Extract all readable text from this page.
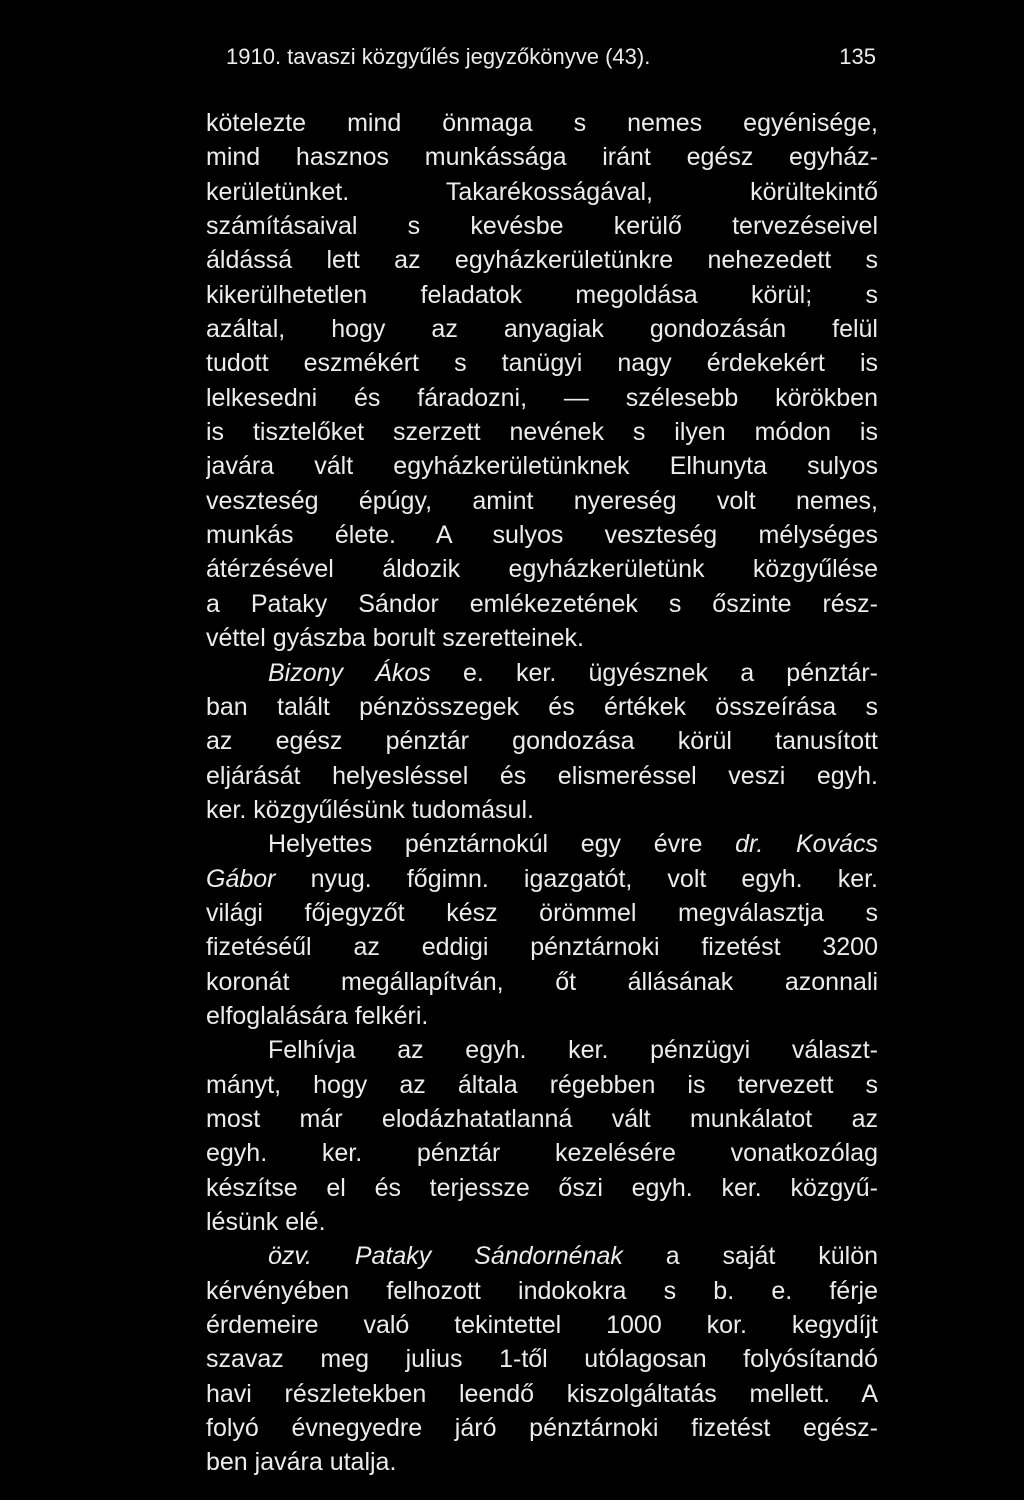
1910. tavaszi közgyűlés jegyzőkönyve (43).	135
kötelezte mind önmaga s nemes egyénisége,
mind hasznos munkássága iránt egész egyház-
kerületünket. Takarékosságával, körültekintő
számításaival s kevésbe kerülő tervezéseivel
áldássá lett az egyházkerületünkre nehezedett s
kikerülhetetlen feladatok megoldása körül; s
azáltal, hogy az anyagiak gondozásán felül
tudott eszmékért s tanügyi nagy érdekekért is
lelkesedni és fáradozni, — szélesebb körökben
is tisztelőket szerzett nevének s ilyen módon is
javára vált egyházkerületünknek Elhunyta sulyos
veszteség épúgy, amint nyereség volt nemes,
munkás élete. A sulyos veszteség mélységes
átérzésével áldozik egyházkerületünk közgyűlése
a Pataky Sándor emlékezetének s őszinte rész-
véttel gyászba borult szeretteinek.
Bizony Ákos e. ker. ügyésznek a pénztár-
ban talált pénzösszegek és értékek összeírása s
az egész pénztár gondozása körül tanusított
eljárását helyesléssel és elismeréssel veszi egyh.
ker. közgyűlésünk tudomásul.
Helyettes pénztárnokúl egy évre dr. Kovács
Gábor nyug. főgimn. igazgatót, volt egyh. ker.
világi főjegyzőt kész örömmel megválasztja s
fizetéséűl az eddigi pénztárnoki fizetést 3200
koronát megállapítván, őt állásának azonnali
elfoglalására felkéri.
Felhívja az egyh. ker. pénzügyi választ-
mányt, hogy az általa régebben is tervezett s
most már elodázhatatlanná vált munkálatot az
egyh. ker. pénztár kezelésére vonatkozólag
készítse el és terjessze őszi egyh. ker. közgyű-
lésünk elé.
özv. Pataky Sándornénak a saját külön
kérvényében felhozott indokokra s b. e. férje
érdemeire való tekintettel 1000 kor. kegydíjt
szavaz meg julius 1-től utólagosan folyósítandó
havi részletekben leendő kiszolgáltatás mellett. A
folyó évnegyedre járó pénztárnoki fizetést egész-
ben javára utalja.
